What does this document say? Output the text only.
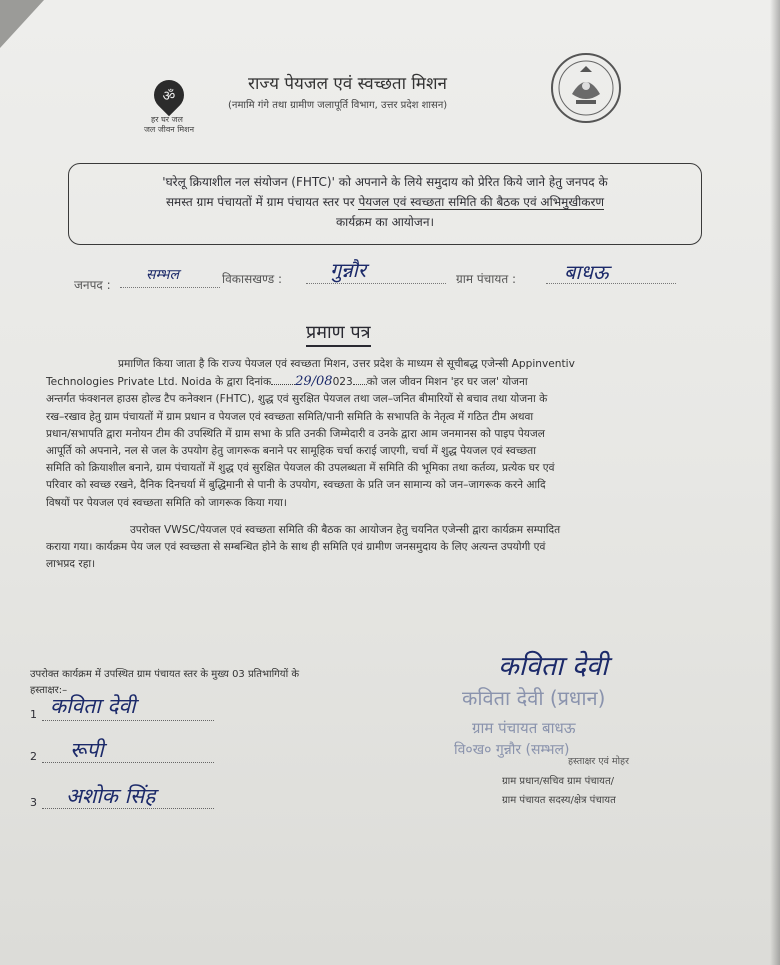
ॐ
हर घर जल
जल जीवन मिशन
राज्य पेयजल एवं स्वच्छता मिशन
(नमामि गंगे तथा ग्रामीण जलापूर्ति विभाग, उत्तर प्रदेश शासन)
'घरेलू क्रियाशील नल संयोजन (FHTC)' को अपनाने के लिये समुदाय को प्रेरित किये जाने हेतु जनपद के
समस्त ग्राम पंचायतों में ग्राम पंचायत स्तर पर पेयजल एवं स्वच्छता समिति की बैठक एवं अभिमुखीकरण
कार्यक्रम का आयोजन।
जनपद :
सम्भल	विकासखण्ड : गुन्नौर	ग्राम पंचायत : बाधऊ
प्रमाण पत्र
प्रमाणित किया जाता है कि राज्य पेयजल एवं स्वच्छता मिशन, उत्तर प्रदेश के माध्यम से सूचीबद्ध एजेन्सी Appinventiv
Technologies Private Ltd. Noida के द्वारा दिनांक 29/08023 को जल जीवन मिशन 'हर घर जल' योजना
अन्तर्गत फंक्शनल हाउस होल्ड टैप कनेक्शन (FHTC), शुद्ध एवं सुरक्षित पेयजल तथा जल–जनित बीमारियों से बचाव तथा योजना के
रख–रखाव हेतु ग्राम पंचायतों में ग्राम प्रधान व पेयजल एवं स्वच्छता समिति/पानी समिति के सभापति के नेतृत्व में गठित टीम अथवा
प्रधान/सभापति द्वारा मनोयन टीम की उपस्थिति में ग्राम सभा के प्रति उनकी जिम्मेदारी व उनके द्वारा आम जनमानस को पाइप पेयजल
आपूर्ति को अपनाने, नल से जल के उपयोग हेतु जागरूक बनाने पर सामूहिक चर्चा कराई जाएगी, चर्चा में शुद्ध पेयजल एवं स्वच्छता
समिति को क्रियाशील बनाने, ग्राम पंचायतों में शुद्ध एवं सुरक्षित पेयजल की उपलब्धता में समिति की भूमिका तथा कर्तव्य, प्रत्येक घर एवं
परिवार को स्वच्छ रखने, दैनिक दिनचर्या में बुद्धिमानी से पानी के उपयोग, स्वच्छता के प्रति जन सामान्य को जन–जागरूक करने आदि
विषयों पर पेयजल एवं स्वच्छता समिति को जागरूक किया गया।
उपरोक्त VWSC/पेयजल एवं स्वच्छता समिति की बैठक का आयोजन हेतु चयनित एजेन्सी द्वारा कार्यक्रम सम्पादित
कराया गया। कार्यक्रम पेय जल एवं स्वच्छता से सम्बन्धित होने के साथ ही समिति एवं ग्रामीण जनसमुदाय के लिए अत्यन्त उपयोगी एवं
लाभप्रद रहा।
उपरोक्त कार्यक्रम में उपस्थित ग्राम पंचायत स्तर के मुख्य 03 प्रतिभागियों के
हस्ताक्षर:–
1 कविता देवी
2 रूपी
3 अशोक सिंह
कविता देवी
कविता देवी (प्रधान)
ग्राम पंचायत बाधऊ
वि०ख० गुन्नौर (सम्भल)
हस्ताक्षर एवं मोहर
ग्राम प्रधान/सचिव ग्राम पंचायत/
ग्राम पंचायत सदस्य/क्षेत्र पंचायत
